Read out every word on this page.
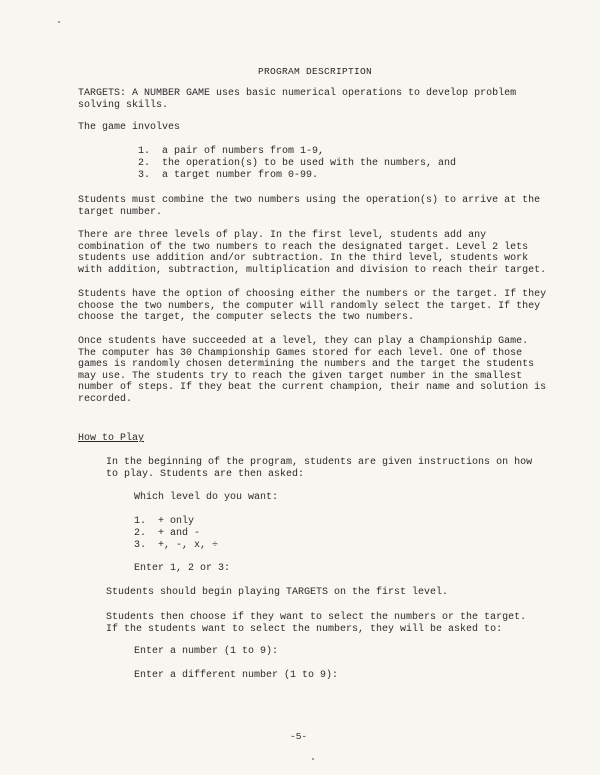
PROGRAM DESCRIPTION
TARGETS: A NUMBER GAME uses basic numerical operations to develop problem solving skills.
The game involves
1.  a pair of numbers from 1-9,
2.  the operation(s) to be used with the numbers, and
3.  a target number from 0-99.
Students must combine the two numbers using the operation(s) to arrive at the target number.
There are three levels of play. In the first level, students add any combination of the two numbers to reach the designated target. Level 2 lets students use addition and/or subtraction. In the third level, students work with addition, subtraction, multiplication and division to reach their target.
Students have the option of choosing either the numbers or the target. If they choose the two numbers, the computer will randomly select the target. If they choose the target, the computer selects the two numbers.
Once students have succeeded at a level, they can play a Championship Game. The computer has 30 Championship Games stored for each level. One of those games is randomly chosen determining the numbers and the target the students may use. The students try to reach the given target number in the smallest number of steps. If they beat the current champion, their name and solution is recorded.
How to Play
In the beginning of the program, students are given instructions on how to play. Students are then asked:
Which level do you want:
1.  + only
2.  + and -
3.  +, -, x, ÷
Enter 1, 2 or 3:
Students should begin playing TARGETS on the first level.
Students then choose if they want to select the numbers or the target. If the students want to select the numbers, they will be asked to:
Enter a number (1 to 9):
Enter a different number (1 to 9):
-5-
